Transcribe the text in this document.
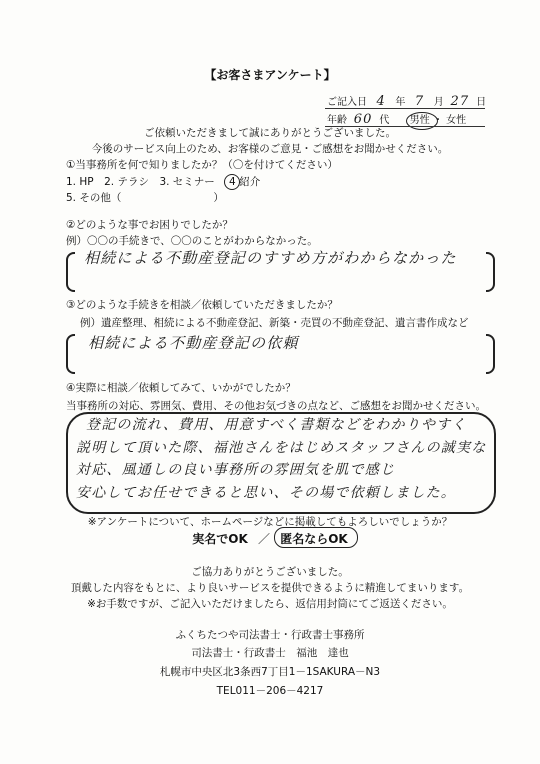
【お客さまアンケート】
ご記入日 4 年 7 月 27 日
年齢 60 代 男性 ・ 女性
ご依頼いただきまして誠にありがとうございました。
今後のサービス向上のため、お客様のご意見・ご感想をお聞かせください。
①当事務所を何で知りましたか？（〇を付けてください）
1. HP　2. テラシ　3. セミナー　4 紹介
5. その他（	）
②どのような事でお困りでしたか？
例）〇〇の手続きで、〇〇のことがわからなかった。
相続による不動産登記のすすめ方がわからなかった
③どのような手続きを相談／依頼していただきましたか？
例）遺産整理、相続による不動産登記、新築・売買の不動産登記、遺言書作成など
相続による不動産登記の依頼
④実際に相談／依頼してみて、いかがでしたか？
当事務所の対応、雰囲気、費用、その他お気づきの点など、ご感想をお聞かせください。
登記の流れ、費用、用意すべく書類などをわかりやすく
説明して頂いた際、福池さんをはじめスタッフさんの誠実な
対応、風通しの良い事務所の雰囲気を肌で感じ
安心してお任せできると思い、その場で依頼しました。
※アンケートについて、ホームページなどに掲載してもよろしいでしょうか？
実名でOK ／ 匿名ならOK
ご協力ありがとうございました。
頂戴した内容をもとに、より良いサービスを提供できるように精進してまいります。
※お手数ですが、ご記入いただけましたら、返信用封筒にてご返送ください。
ふくちたつや司法書士・行政書士事務所
司法書士・行政書士　福池　達也
札幌市中央区北3条西7丁目1－1SAKURA－N3
TEL011－206－4217
